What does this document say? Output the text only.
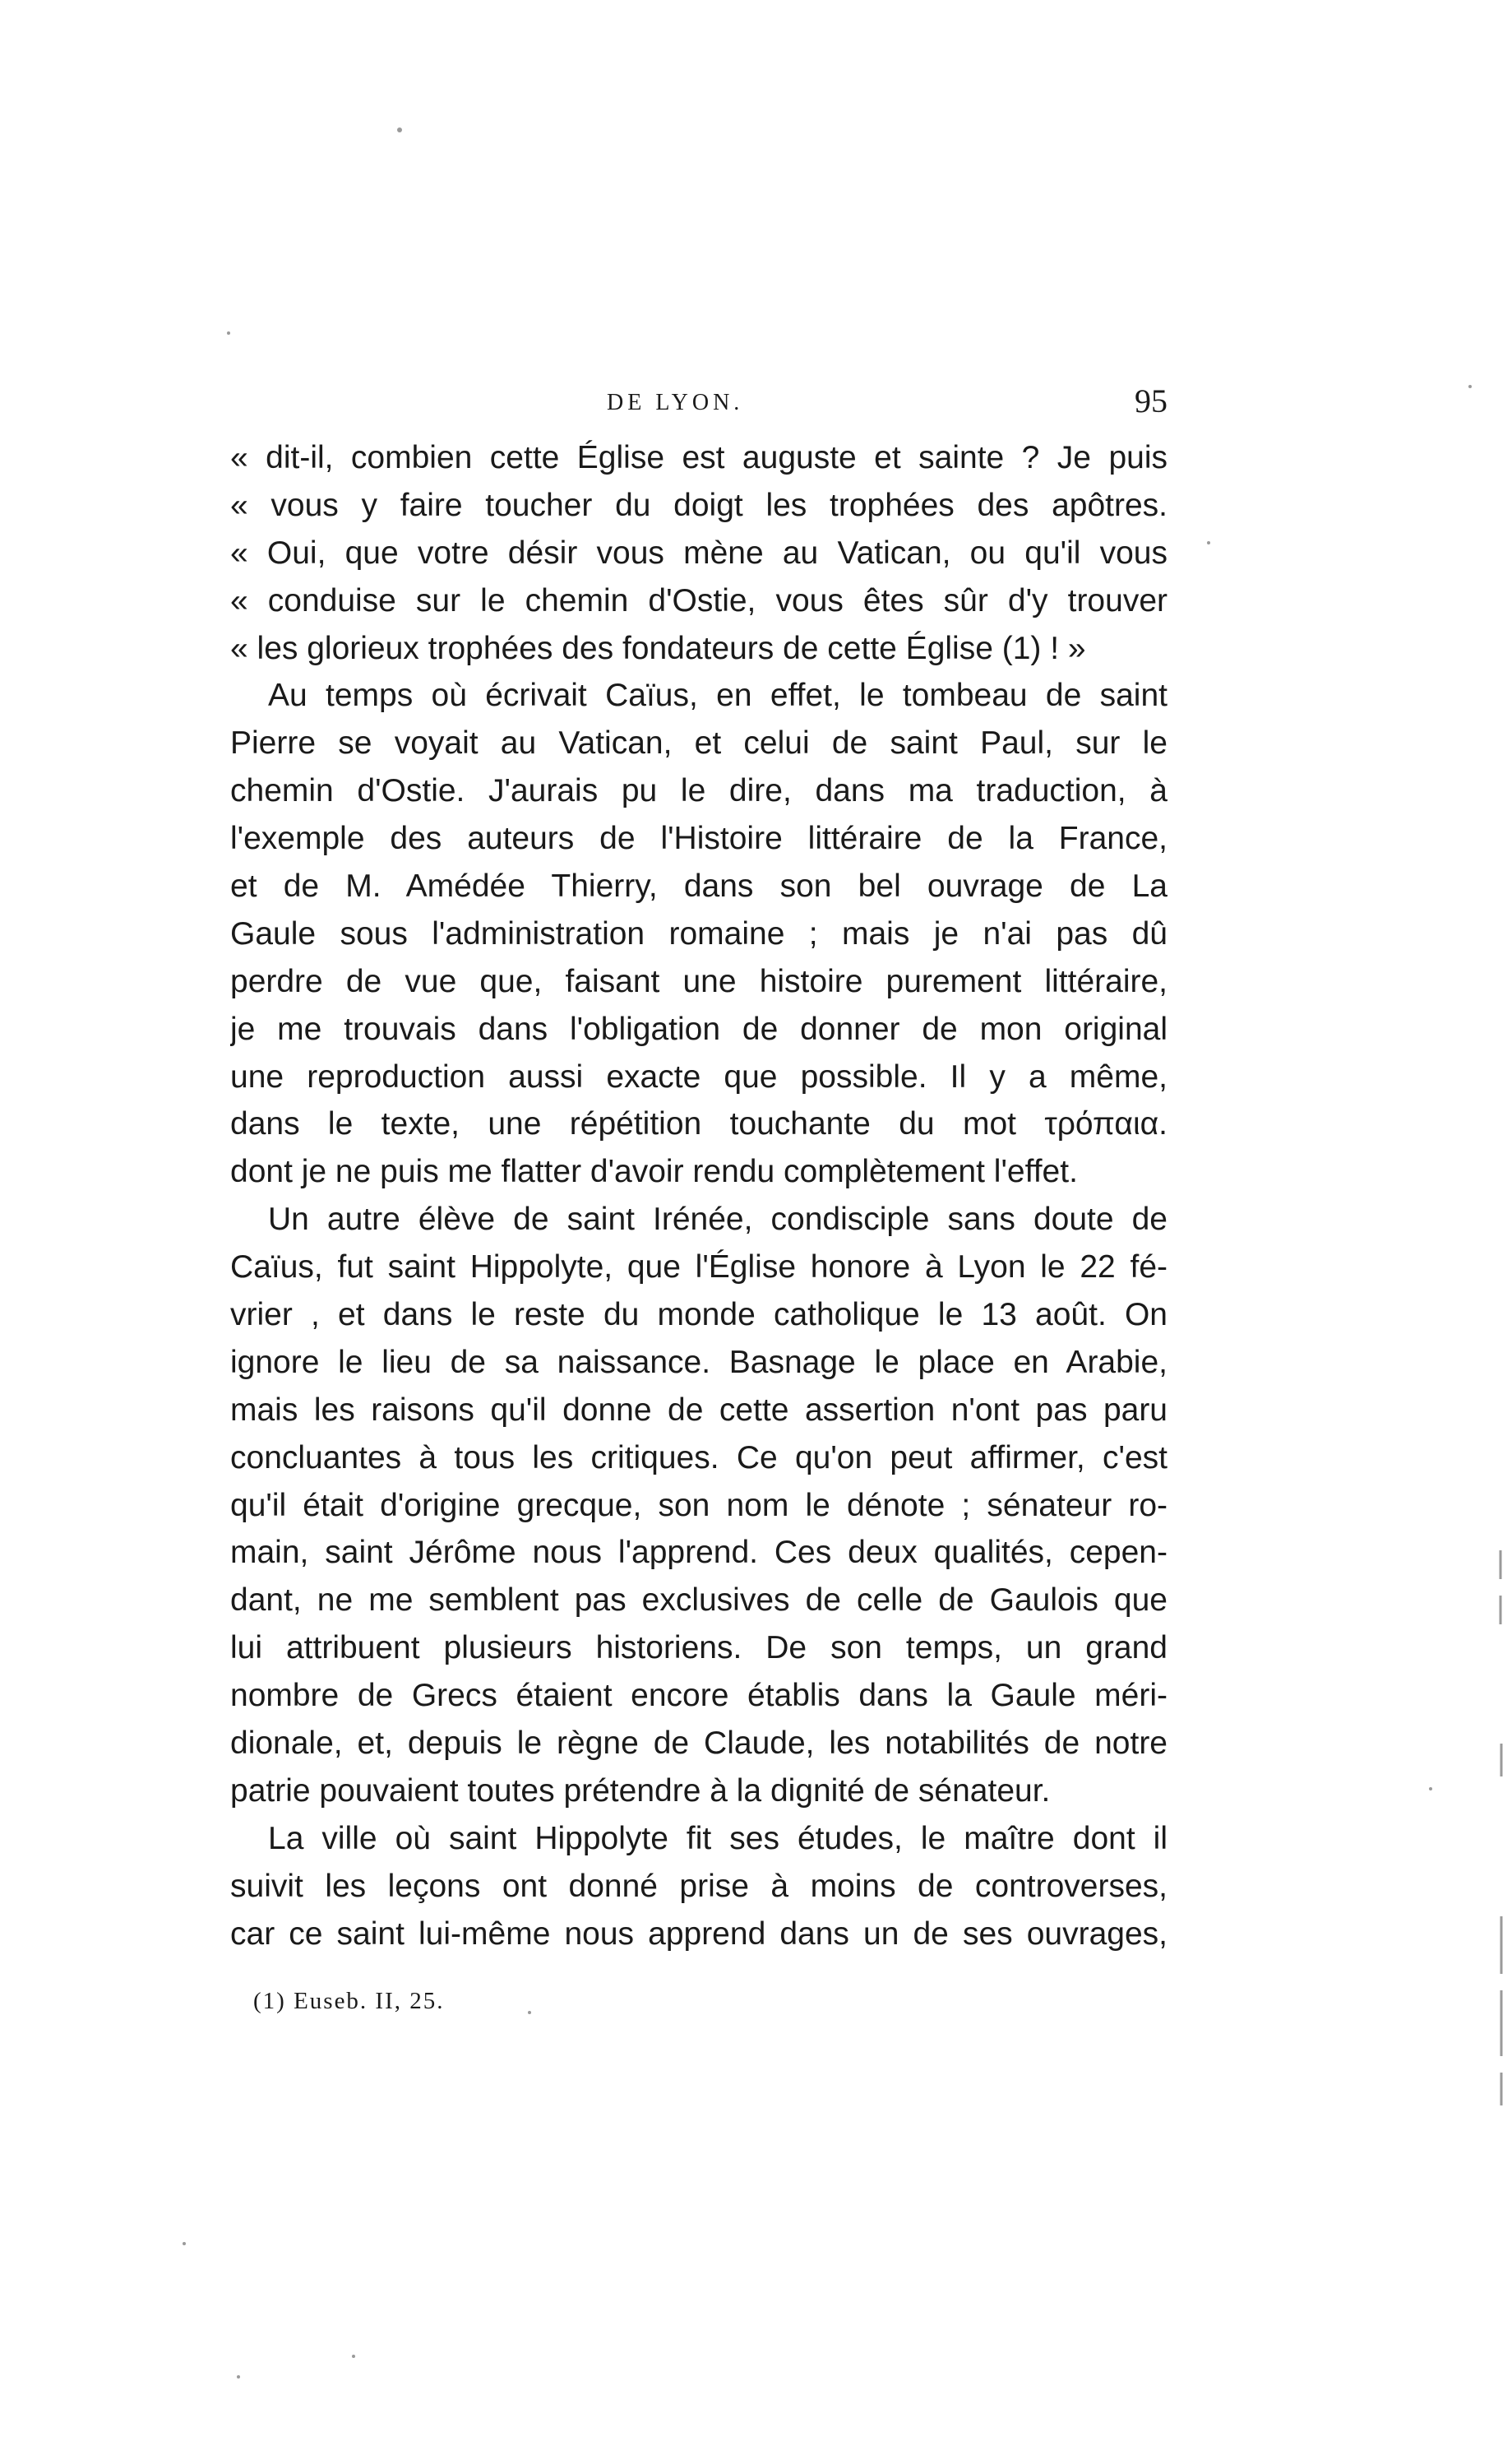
DE LYON.	95
« dit-il, combien cette Église est auguste et sainte ? Je puis
« vous y faire toucher du doigt les trophées des apôtres.
« Oui, que votre désir vous mène au Vatican, ou qu'il vous
« conduise sur le chemin d'Ostie, vous êtes sûr d'y trouver
« les glorieux trophées des fondateurs de cette Église (1) ! »
Au temps où écrivait Caïus, en effet, le tombeau de saint
Pierre se voyait au Vatican, et celui de saint Paul, sur le
chemin d'Ostie. J'aurais pu le dire, dans ma traduction, à
l'exemple des auteurs de l'Histoire littéraire de la France,
et de M. Amédée Thierry, dans son bel ouvrage de La
Gaule sous l'administration romaine ; mais je n'ai pas dû
perdre de vue que, faisant une histoire purement littéraire,
je me trouvais dans l'obligation de donner de mon original
une reproduction aussi exacte que possible. Il y a même,
dans le texte, une répétition touchante du mot τρόπαια.
dont je ne puis me flatter d'avoir rendu complètement l'effet.
Un autre élève de saint Irénée, condisciple sans doute de
Caïus, fut saint Hippolyte, que l'Église honore à Lyon le 22 fé-
vrier , et dans le reste du monde catholique le 13 août. On
ignore le lieu de sa naissance. Basnage le place en Arabie,
mais les raisons qu'il donne de cette assertion n'ont pas paru
concluantes à tous les critiques. Ce qu'on peut affirmer, c'est
qu'il était d'origine grecque, son nom le dénote ; sénateur ro-
main, saint Jérôme nous l'apprend. Ces deux qualités, cepen-
dant, ne me semblent pas exclusives de celle de Gaulois que
lui attribuent plusieurs historiens. De son temps, un grand
nombre de Grecs étaient encore établis dans la Gaule méri-
dionale, et, depuis le règne de Claude, les notabilités de notre
patrie pouvaient toutes prétendre à la dignité de sénateur.
La ville où saint Hippolyte fit ses études, le maître dont il
suivit les leçons ont donné prise à moins de controverses,
car ce saint lui-même nous apprend dans un de ses ouvrages,
(1) Euseb. II, 25.
